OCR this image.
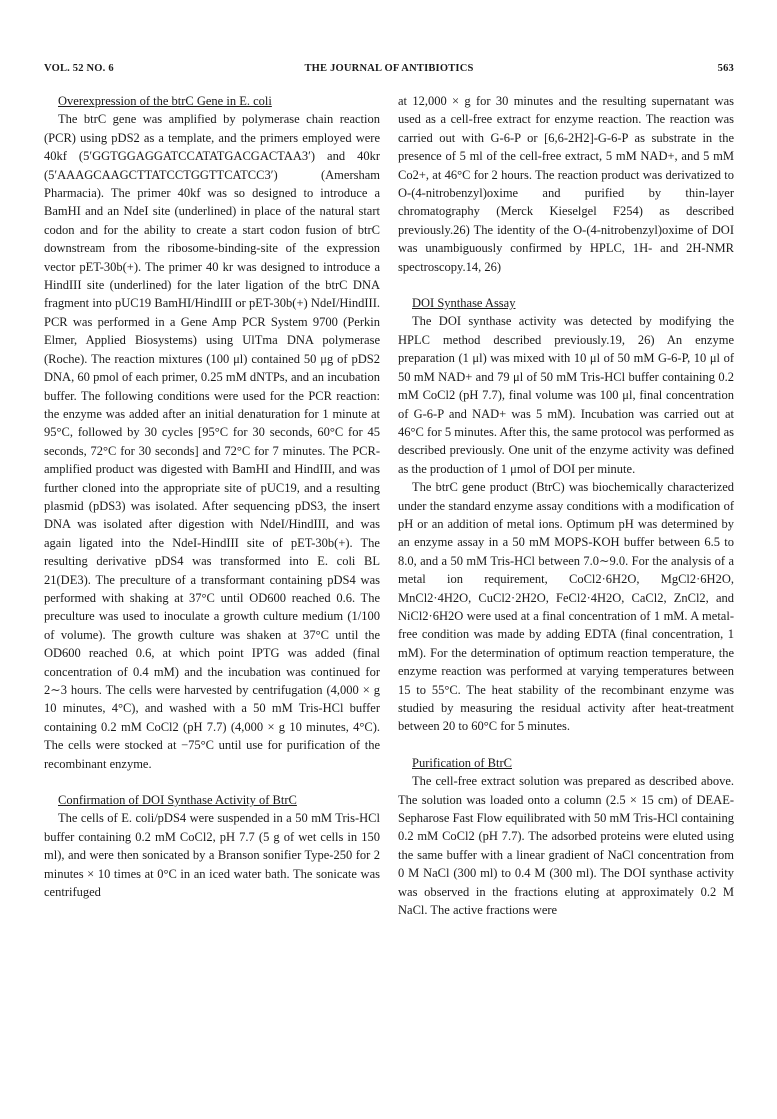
VOL. 52 NO. 6	THE JOURNAL OF ANTIBIOTICS	563
Overexpression of the btrC Gene in E. coli

The btrC gene was amplified by polymerase chain reaction (PCR) using pDS2 as a template, and the primers employed were 40kf (5′GGTGGAGGATCCATATGACGACTAA3′) and 40kr (5′AAAGCAAGCTTATCCTGGTTCATCC3′) (Amersham Pharmacia). The primer 40kf was so designed to introduce a BamHI and an NdeI site (underlined) in place of the natural start codon and for the ability to create a start codon fusion of btrC downstream from the ribosome-binding-site of the expression vector pET-30b(+). The primer 40 kr was designed to introduce a HindIII site (underlined) for the later ligation of the btrC DNA fragment into pUC19 BamHI/HindIII or pET-30b(+) NdeI/HindIII. PCR was performed in a Gene Amp PCR System 9700 (Perkin Elmer, Applied Biosystems) using UlTma DNA polymerase (Roche). The reaction mixtures (100 μl) contained 50 μg of pDS2 DNA, 60 pmol of each primer, 0.25 mM dNTPs, and an incubation buffer. The following conditions were used for the PCR reaction: the enzyme was added after an initial denaturation for 1 minute at 95°C, followed by 30 cycles [95°C for 30 seconds, 60°C for 45 seconds, 72°C for 30 seconds] and 72°C for 7 minutes. The PCR-amplified product was digested with BamHI and HindIII, and was further cloned into the appropriate site of pUC19, and a resulting plasmid (pDS3) was isolated. After sequencing pDS3, the insert DNA was isolated after digestion with NdeI/HindIII, and was again ligated into the NdeI-HindIII site of pET-30b(+). The resulting derivative pDS4 was transformed into E. coli BL 21(DE3). The preculture of a transformant containing pDS4 was performed with shaking at 37°C until OD600 reached 0.6. The preculture was used to inoculate a growth culture medium (1/100 of volume). The growth culture was shaken at 37°C until the OD600 reached 0.6, at which point IPTG was added (final concentration of 0.4 mM) and the incubation was continued for 2∼3 hours. The cells were harvested by centrifugation (4,000 × g 10 minutes, 4°C), and washed with a 50 mM Tris-HCl buffer containing 0.2 mM CoCl2 (pH 7.7) (4,000 × g 10 minutes, 4°C). The cells were stocked at −75°C until use for purification of the recombinant enzyme.

Confirmation of DOI Synthase Activity of BtrC

The cells of E. coli/pDS4 were suspended in a 50 mM Tris-HCl buffer containing 0.2 mM CoCl2, pH 7.7 (5 g of wet cells in 150 ml), and were then sonicated by a Branson sonifier Type-250 for 2 minutes × 10 times at 0°C in an iced water bath. The sonicate was centrifuged

at 12,000 × g for 30 minutes and the resulting supernatant was used as a cell-free extract for enzyme reaction. The reaction was carried out with G-6-P or [6,6-2H2]-G-6-P as substrate in the presence of 5 ml of the cell-free extract, 5 mM NAD+, and 5 mM Co2+, at 46°C for 2 hours. The reaction product was derivatized to O-(4-nitrobenzyl)oxime and purified by thin-layer chromatography (Merck Kieselgel F254) as described previously.26) The identity of the O-(4-nitrobenzyl)oxime of DOI was unambiguously confirmed by HPLC, 1H- and 2H-NMR spectroscopy.14, 26)

DOI Synthase Assay

The DOI synthase activity was detected by modifying the HPLC method described previously.19, 26) An enzyme preparation (1 μl) was mixed with 10 μl of 50 mM G-6-P, 10 μl of 50 mM NAD+ and 79 μl of 50 mM Tris-HCl buffer containing 0.2 mM CoCl2 (pH 7.7), final volume was 100 μl, final concentration of G-6-P and NAD+ was 5 mM). Incubation was carried out at 46°C for 5 minutes. After this, the same protocol was performed as described previously. One unit of the enzyme activity was defined as the production of 1 μmol of DOI per minute.

The btrC gene product (BtrC) was biochemically characterized under the standard enzyme assay conditions with a modification of pH or an addition of metal ions. Optimum pH was determined by an enzyme assay in a 50 mM MOPS-KOH buffer between 6.5 to 8.0, and a 50 mM Tris-HCl between 7.0∼9.0. For the analysis of a metal ion requirement, CoCl2·6H2O, MgCl2·6H2O, MnCl2·4H2O, CuCl2·2H2O, FeCl2·4H2O, CaCl2, ZnCl2, and NiCl2·6H2O were used at a final concentration of 1 mM. A metal-free condition was made by adding EDTA (final concentration, 1 mM). For the determination of optimum reaction temperature, the enzyme reaction was performed at varying temperatures between 15 to 55°C. The heat stability of the recombinant enzyme was studied by measuring the residual activity after heat-treatment between 20 to 60°C for 5 minutes.

Purification of BtrC

The cell-free extract solution was prepared as described above. The solution was loaded onto a column (2.5 × 15 cm) of DEAE-Sepharose Fast Flow equilibrated with 50 mM Tris-HCl containing 0.2 mM CoCl2 (pH 7.7). The adsorbed proteins were eluted using the same buffer with a linear gradient of NaCl concentration from 0 M NaCl (300 ml) to 0.4 M (300 ml). The DOI synthase activity was observed in the fractions eluting at approximately 0.2 M NaCl. The active fractions were
